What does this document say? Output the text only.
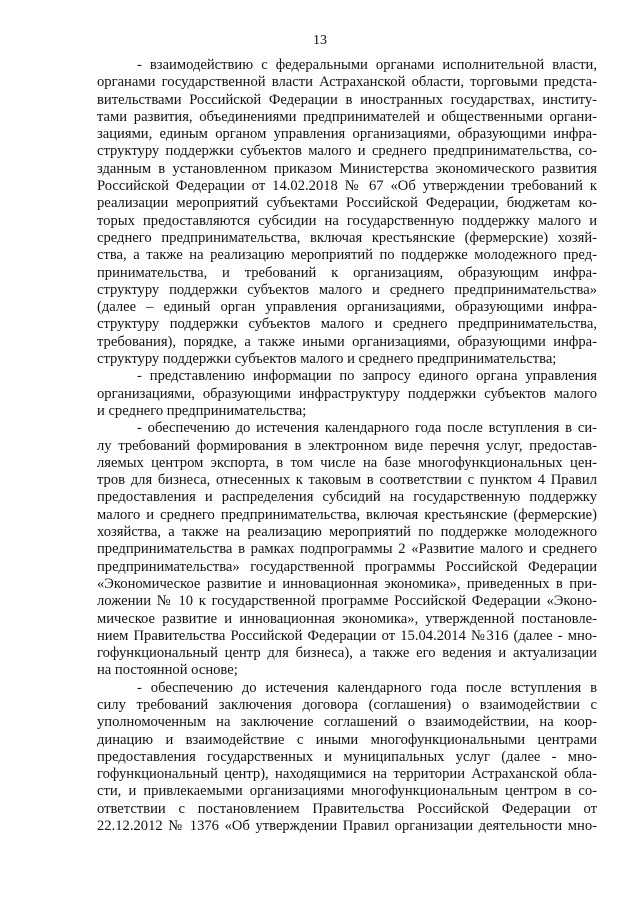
13
- взаимодействию с федеральными органами исполнительной власти,
органами государственной власти Астраханской области, торговыми предста-
вительствами Российской Федерации в иностранных государствах, институ-
тами развития, объединениями предпринимателей и общественными органи-
зациями, единым органом управления организациями, образующими инфра-
структуру поддержки субъектов малого и среднего предпринимательства, со-
зданным в установленном приказом Министерства экономического развития
Российской Федерации от 14.02.2018 № 67 «Об утверждении требований к
реализации мероприятий субъектами Российской Федерации, бюджетам ко-
торых предоставляются субсидии на государственную поддержку малого и
среднего предпринимательства, включая крестьянские (фермерские) хозяй-
ства, а также на реализацию мероприятий по поддержке молодежного пред-
принимательства, и требований к организациям, образующим инфра-
структуру поддержки субъектов малого и среднего предпринимательства»
(далее – единый орган управления организациями, образующими инфра-
структуру поддержки субъектов малого и среднего предпринимательства,
требования), порядке, а также иными организациями, образующими инфра-
структуру поддержки субъектов малого и среднего предпринимательства;
- представлению информации по запросу единого органа управления
организациями, образующими инфраструктуру поддержки субъектов малого
и среднего предпринимательства;
- обеспечению до истечения календарного года после вступления в си-
лу требований формирования в электронном виде перечня услуг, предостав-
ляемых центром экспорта, в том числе на базе многофункциональных цен-
тров для бизнеса, отнесенных к таковым в соответствии с пунктом 4 Правил
предоставления и распределения субсидий на государственную поддержку
малого и среднего предпринимательства, включая крестьянские (фермерские)
хозяйства, а также на реализацию мероприятий по поддержке молодежного
предпринимательства в рамках подпрограммы 2 «Развитие малого и среднего
предпринимательства» государственной программы Российской Федерации
«Экономическое развитие и инновационная экономика», приведенных в при-
ложении № 10 к государственной программе Российской Федерации «Эконо-
мическое развитие и инновационная экономика», утвержденной постановле-
нием Правительства Российской Федерации от 15.04.2014 №316 (далее - мно-
гофункциональный центр для бизнеса), а также его ведения и актуализации
на постоянной основе;
- обеспечению до истечения календарного года после вступления в
силу требований заключения договора (соглашения) о взаимодействии с
уполномоченным на заключение соглашений о взаимодействии, на коор-
динацию и взаимодействие с иными многофункциональными центрами
предоставления государственных и муниципальных услуг (далее - мно-
гофункциональный центр), находящимися на территории Астраханской обла-
сти, и привлекаемыми организациями многофункциональным центром в со-
ответствии с постановлением Правительства Российской Федерации от
22.12.2012 № 1376 «Об утверждении Правил организации деятельности мно-
